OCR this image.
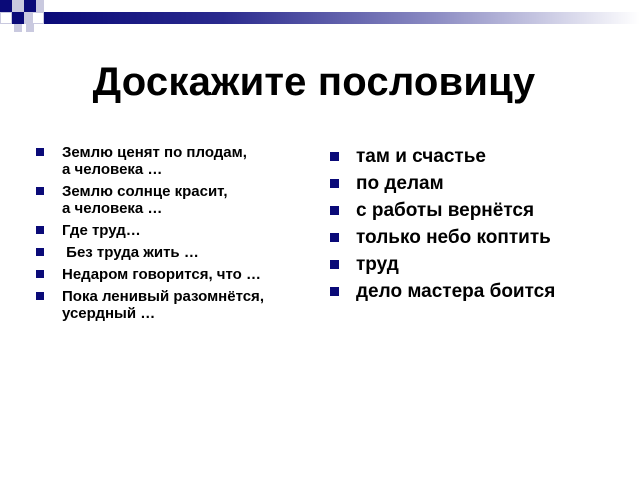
Доскажите пословицу
Землю ценят по плодам,
а человека …
Землю солнце красит,
а человека …
Где труд…
Без труда жить …
Недаром говорится, что …
Пока ленивый разомнётся,
усердный …
там и счастье
по делам
с работы вернётся
только небо коптить
труд
дело мастера боится
